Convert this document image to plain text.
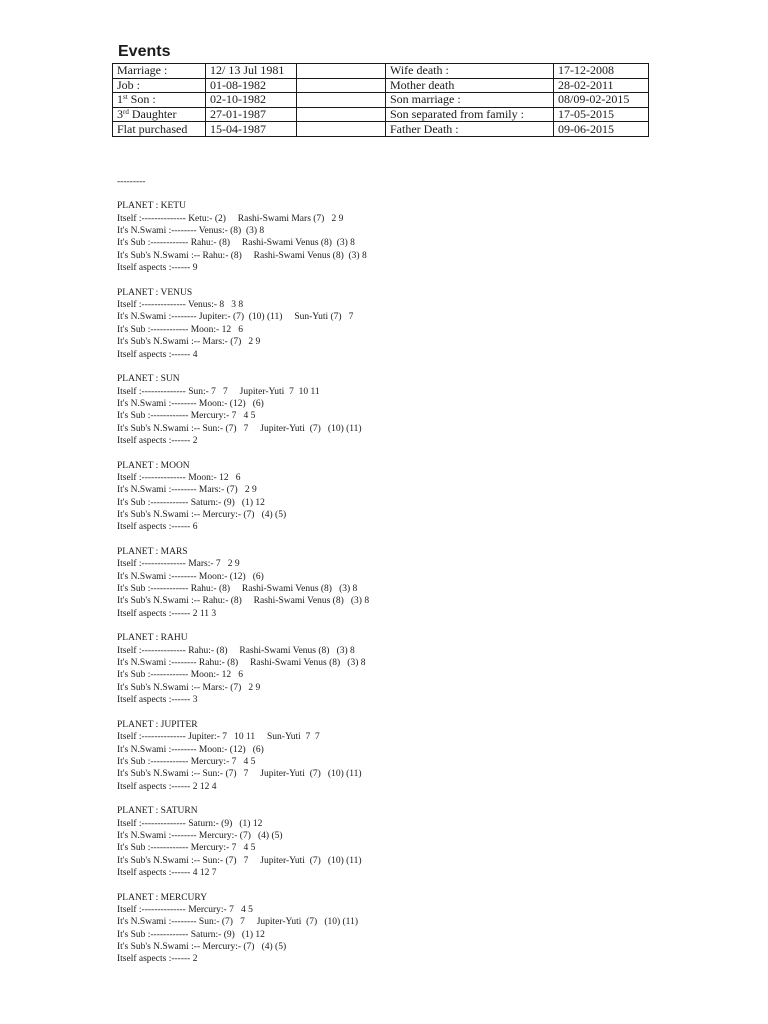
Events
Marriage :	12/ 13 Jul 1981		Wife death :	17-12-2008
Job :	01-08-1982		Mother death	28-02-2011
1st Son :	02-10-1982		Son marriage :	08/09-02-2015
3rd Daughter	27-01-1987		Son separated from family :	17-05-2015
Flat purchased	15-04-1987		Father Death :	09-06-2015

---------

PLANET : KETU
Itself :-------------- Ketu:- (2)     Rashi-Swami Mars (7)   2 9
It's N.Swami :-------- Venus:- (8)  (3) 8
It's Sub :------------ Rahu:- (8)     Rashi-Swami Venus (8)  (3) 8
It's Sub's N.Swami :-- Rahu:- (8)     Rashi-Swami Venus (8)  (3) 8
Itself aspects :------ 9
PLANET : VENUS
Itself :-------------- Venus:- 8   3 8
It's N.Swami :-------- Jupiter:- (7)  (10) (11)     Sun-Yuti (7)   7
It's Sub :------------ Moon:- 12   6
It's Sub's N.Swami :-- Mars:- (7)   2 9
Itself aspects :------ 4
PLANET : SUN
Itself :-------------- Sun:- 7   7     Jupiter-Yuti  7  10 11
It's N.Swami :-------- Moon:- (12)   (6)
It's Sub :------------ Mercury:- 7   4 5
It's Sub's N.Swami :-- Sun:- (7)   7     Jupiter-Yuti  (7)   (10) (11)
Itself aspects :------ 2
PLANET : MOON
Itself :-------------- Moon:- 12   6
It's N.Swami :-------- Mars:- (7)   2 9
It's Sub :------------ Saturn:- (9)   (1) 12
It's Sub's N.Swami :-- Mercury:- (7)   (4) (5)
Itself aspects :------ 6
PLANET : MARS
Itself :-------------- Mars:- 7   2 9
It's N.Swami :-------- Moon:- (12)   (6)
It's Sub :------------ Rahu:- (8)     Rashi-Swami Venus (8)   (3) 8
It's Sub's N.Swami :-- Rahu:- (8)     Rashi-Swami Venus (8)   (3) 8
Itself aspects :------ 2 11 3
PLANET : RAHU
Itself :-------------- Rahu:- (8)     Rashi-Swami Venus (8)   (3) 8
It's N.Swami :-------- Rahu:- (8)     Rashi-Swami Venus (8)   (3) 8
It's Sub :------------ Moon:- 12   6
It's Sub's N.Swami :-- Mars:- (7)   2 9
Itself aspects :------ 3
PLANET : JUPITER
Itself :-------------- Jupiter:- 7   10 11     Sun-Yuti  7  7
It's N.Swami :-------- Moon:- (12)   (6)
It's Sub :------------ Mercury:- 7   4 5
It's Sub's N.Swami :-- Sun:- (7)   7     Jupiter-Yuti  (7)   (10) (11)
Itself aspects :------ 2 12 4
PLANET : SATURN
Itself :-------------- Saturn:- (9)   (1) 12
It's N.Swami :-------- Mercury:- (7)   (4) (5)
It's Sub :------------ Mercury:- 7   4 5
It's Sub's N.Swami :-- Sun:- (7)   7     Jupiter-Yuti  (7)   (10) (11)
Itself aspects :------ 4 12 7
PLANET : MERCURY
Itself :-------------- Mercury:- 7   4 5
It's N.Swami :-------- Sun:- (7)   7     Jupiter-Yuti  (7)   (10) (11)
It's Sub :------------ Saturn:- (9)   (1) 12
It's Sub's N.Swami :-- Mercury:- (7)   (4) (5)
Itself aspects :------ 2
